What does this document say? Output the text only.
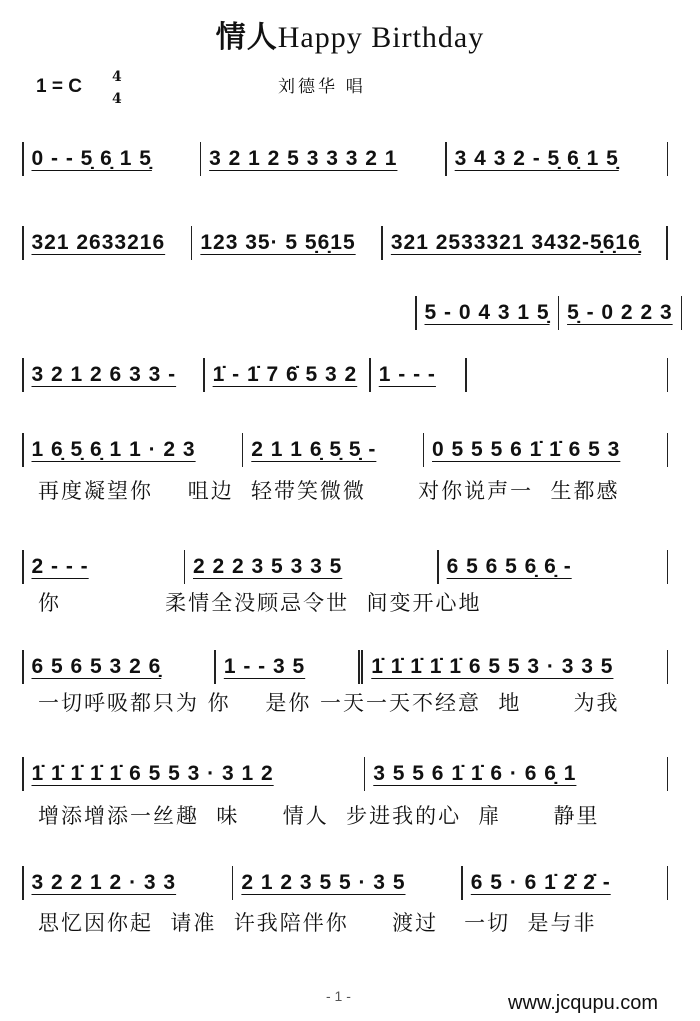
情人Happy Birthday
1 = C 4
4
刘德华 唱
0 - - 5̣ 6̣ 1 5̣	3 2 1 2 5 3 3 3 2 1	3 4 3 2 - 5̣ 6̣ 1 5̣
321 2633216	123 35· 5 5̣6̣15	321 2533321 3432-5̣6̣16̣
5 - 0 4 3 1 5̣ 5̣ - 0 2 2 3
3 2 1 2 6 3 3 -	1̇ - 1̇ 7 6̇ 5 3 2	1 - - -
1 6̣ 5̣ 6̣ 1 1 · 2 3	2 1 1 6̣ 5̣ 5̣ -	0 5 5 5 6 1̇ 1̇ 6 5 3
再度凝望你    咀边  轻带笑微微      对你说声一  生都感
2 - - -	2 2 2 3 5 3 3 5	6 5 6 5 6̣ 6̣ -
你            柔情全没顾忌令世  间变开心地
6 5 6 5 3 2 6̣	1 - - 3 5	1̇ 1̇ 1̇ 1̇ 1̇ 6 5 5 3 · 3 3 5
一切呼吸都只为 你    是你 一天一天不经意  地      为我
1̇ 1̇ 1̇ 1̇ 1̇ 6 5 5 3 · 3 1 2	3 5 5 6 1̇ 1̇ 6 · 6 6̣ 1
增添增添一丝趣  味     情人  步进我的心  扉      静里
3 2 2 1 2 · 3 3	2 1 2 3 5 5 · 3 5	6 5 · 6 1̇ 2̇ 2̇ -
思忆因你起  请准  许我陪伴你     渡过   一切  是与非
- 1 -	www.jcqupu.com
